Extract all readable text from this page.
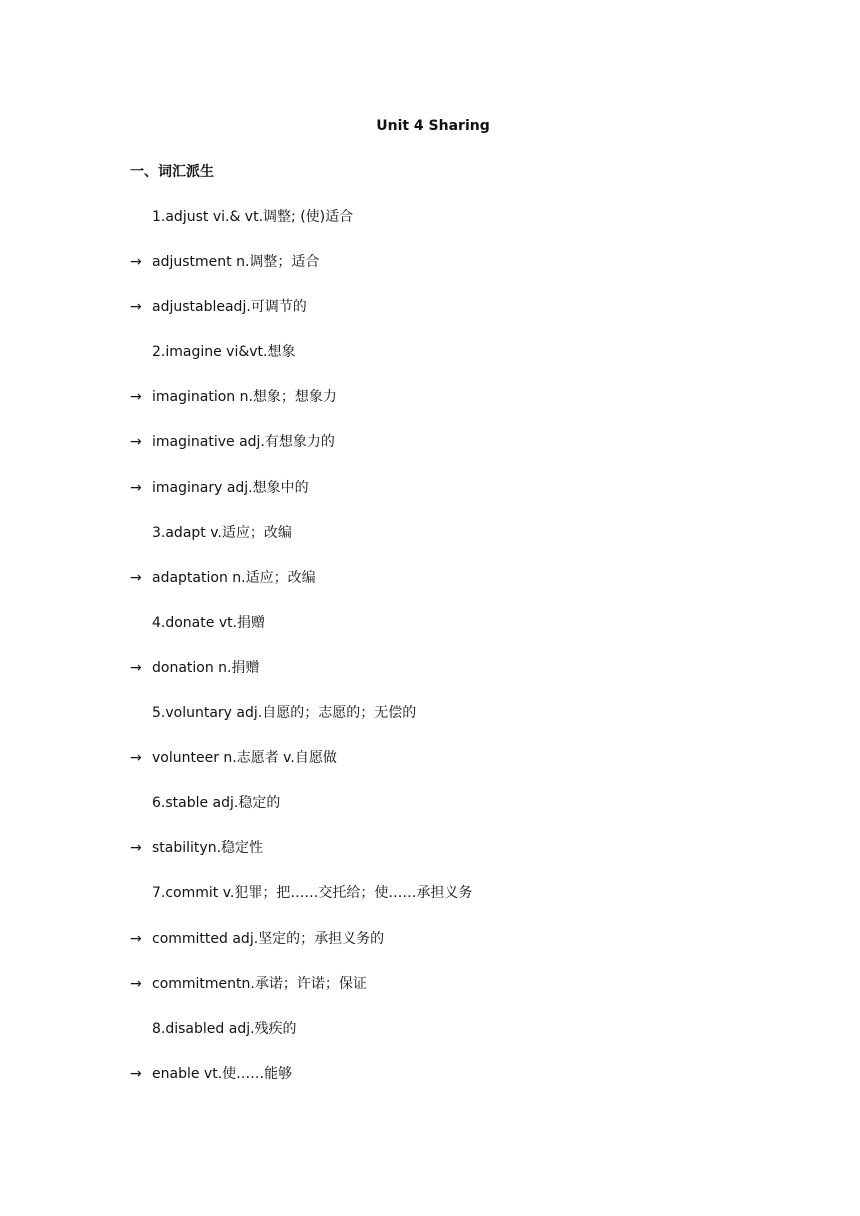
Unit 4 Sharing
一、词汇派生
1.adjust vi.& vt.调整; (使)适合
→ adjustment n.调整；适合
→ adjustableadj.可调节的
2.imagine vi&vt.想象
→ imagination n.想象；想象力
→ imaginative adj.有想象力的
→ imaginary adj.想象中的
3.adapt v.适应；改编
→ adaptation n.适应；改编
4.donate vt.捐赠
→ donation n.捐赠
5.voluntary adj.自愿的；志愿的；无偿的
→ volunteer n.志愿者 v.自愿做
6.stable adj.稳定的
→ stabilityn.稳定性
7.commit v.犯罪；把……交托给；使……承担义务
→ committed adj.坚定的；承担义务的
→ commitmentn.承诺；许诺；保证
8.disabled adj.残疾的
→ enable vt.使……能够
